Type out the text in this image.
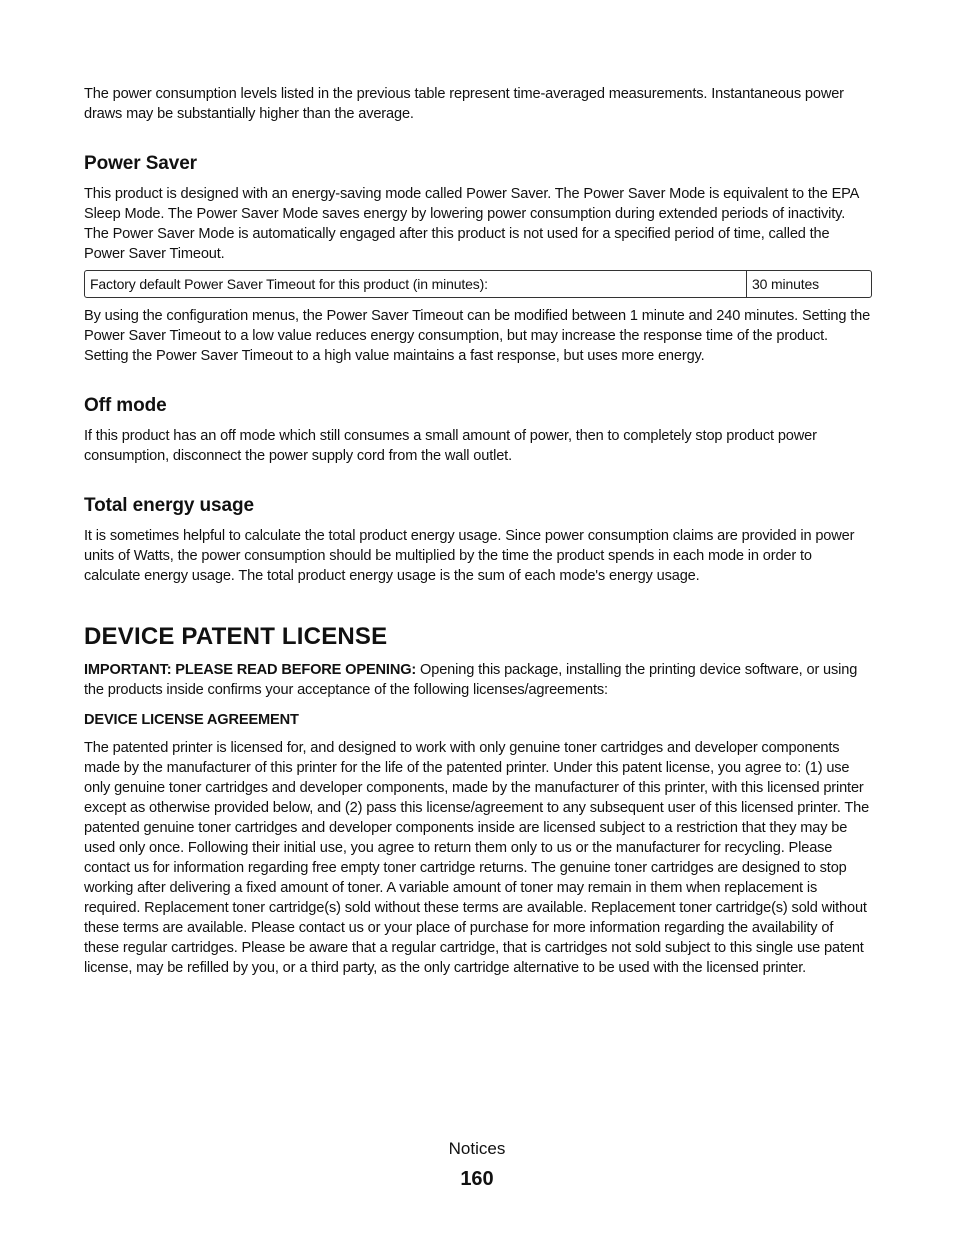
The power consumption levels listed in the previous table represent time-averaged measurements. Instantaneous power draws may be substantially higher than the average.

Power Saver

This product is designed with an energy-saving mode called Power Saver. The Power Saver Mode is equivalent to the EPA Sleep Mode. The Power Saver Mode saves energy by lowering power consumption during extended periods of inactivity. The Power Saver Mode is automatically engaged after this product is not used for a specified period of time, called the Power Saver Timeout.

Factory default Power Saver Timeout for this product (in minutes):	30 minutes

By using the configuration menus, the Power Saver Timeout can be modified between 1 minute and 240 minutes. Setting the Power Saver Timeout to a low value reduces energy consumption, but may increase the response time of the product. Setting the Power Saver Timeout to a high value maintains a fast response, but uses more energy.

Off mode

If this product has an off mode which still consumes a small amount of power, then to completely stop product power consumption, disconnect the power supply cord from the wall outlet.

Total energy usage

It is sometimes helpful to calculate the total product energy usage. Since power consumption claims are provided in power units of Watts, the power consumption should be multiplied by the time the product spends in each mode in order to calculate energy usage. The total product energy usage is the sum of each mode's energy usage.

DEVICE PATENT LICENSE

IMPORTANT: PLEASE READ BEFORE OPENING: Opening this package, installing the printing device software, or using the products inside confirms your acceptance of the following licenses/agreements:

DEVICE LICENSE AGREEMENT

The patented printer is licensed for, and designed to work with only genuine toner cartridges and developer components made by the manufacturer of this printer for the life of the patented printer. Under this patent license, you agree to: (1) use only genuine toner cartridges and developer components, made by the manufacturer of this printer, with this licensed printer except as otherwise provided below, and (2) pass this license/agreement to any subsequent user of this licensed printer. The patented genuine toner cartridges and developer components inside are licensed subject to a restriction that they may be used only once. Following their initial use, you agree to return them only to us or the manufacturer for recycling. Please contact us for information regarding free empty toner cartridge returns. The genuine toner cartridges are designed to stop working after delivering a fixed amount of toner. A variable amount of toner may remain in them when replacement is required. Replacement toner cartridge(s) sold without these terms are available. Replacement toner cartridge(s) sold without these terms are available. Please contact us or your place of purchase for more information regarding the availability of these regular cartridges. Please be aware that a regular cartridge, that is cartridges not sold subject to this single use patent license, may be refilled by you, or a third party, as the only cartridge alternative to be used with the licensed printer.

Notices
160
